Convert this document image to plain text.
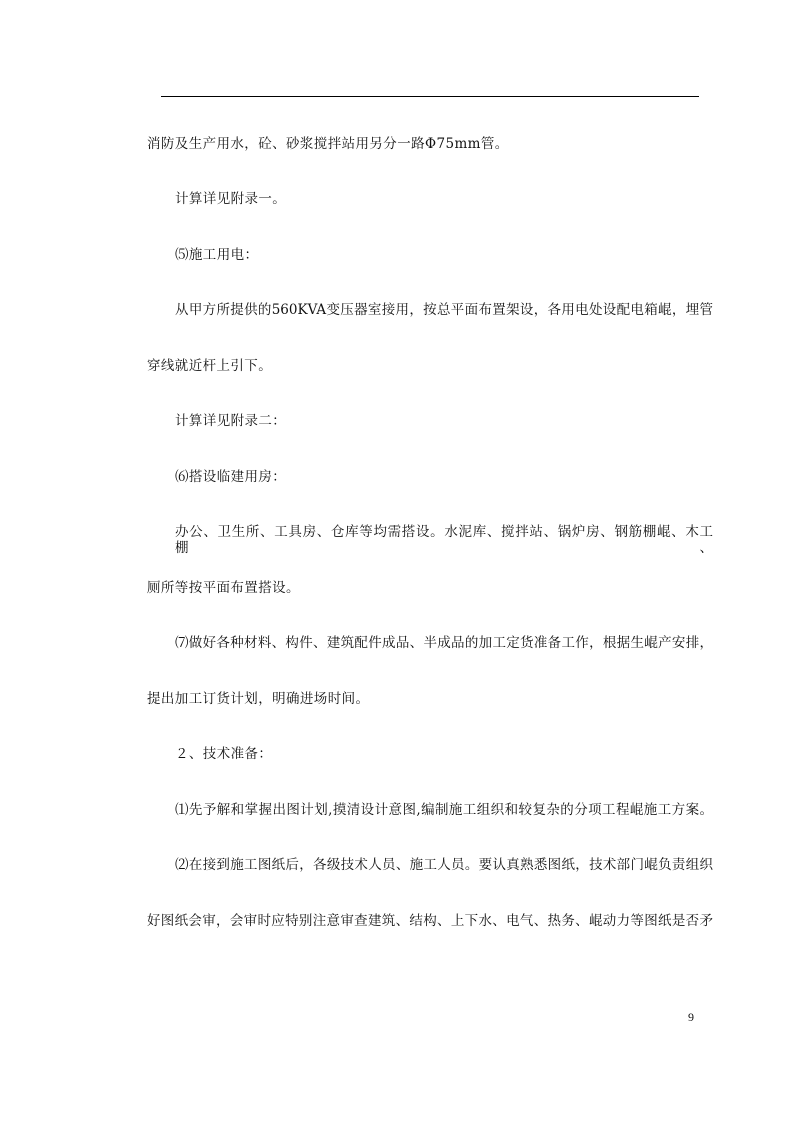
消防及生产用水，砼、砂浆搅拌站用另分一路Φ75mm管。
计算详见附录一。
⑸施工用电：
从甲方所提供的560KVA变压器室接用，按总平面布置架设，各用电处设配电箱崐，埋管
穿线就近杆上引下。
计算详见附录二：
⑹搭设临建用房：
办公、卫生所、工具房、仓库等均需搭设。水泥库、搅拌站、锅炉房、钢筋棚崐、木工棚、
厕所等按平面布置搭设。
⑺做好各种材料、构件、建筑配件成品、半成品的加工定货准备工作，根据生崐产安排，
提出加工订货计划，明确进场时间。
２、技术准备：
⑴先予解和掌握出图计划,摸清设计意图,编制施工组织和较复杂的分项工程崐施工方案。
⑵在接到施工图纸后，各级技术人员、施工人员。要认真熟悉图纸，技术部门崐负责组织
好图纸会审，会审时应特别注意审查建筑、结构、上下水、电气、热务、崐动力等图纸是否矛
9
